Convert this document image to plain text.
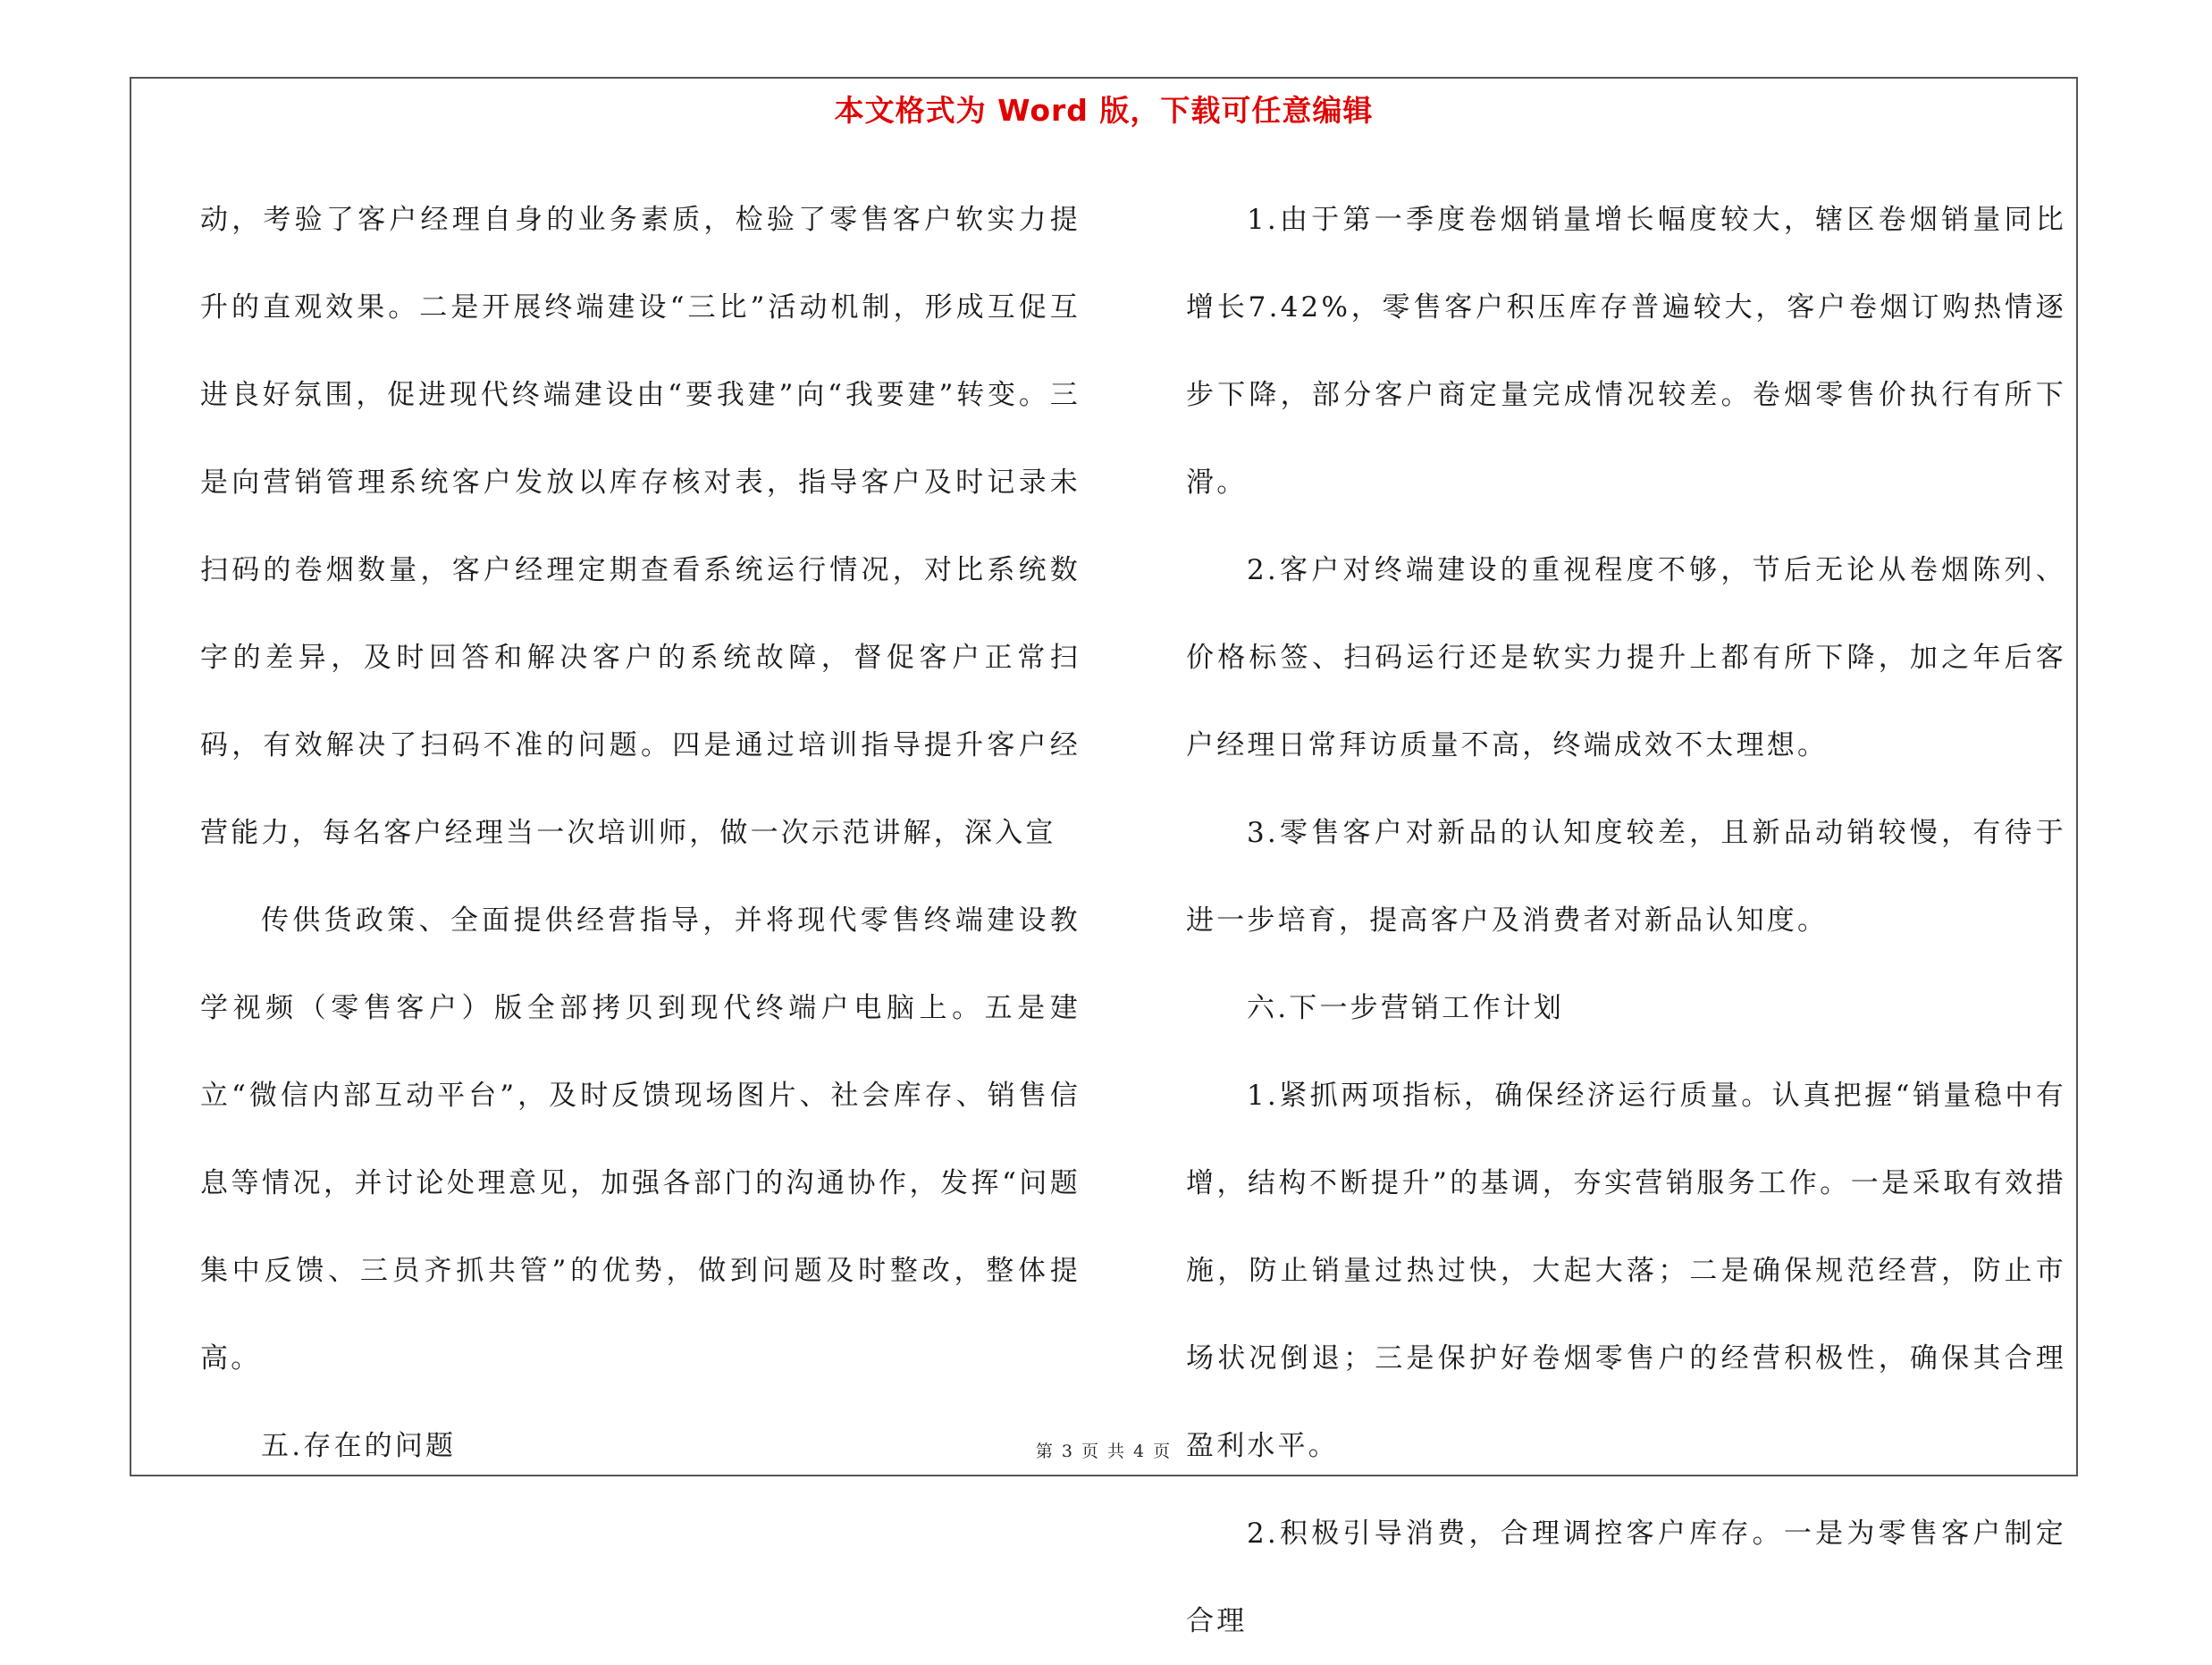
本文格式为 Word 版，下载可任意编辑

动，考验了客户经理自身的业务素质，检验了零售客户软实力提升的直观效果。二是开展终端建设“三比”活动机制，形成互促互进良好氛围，促进现代终端建设由“要我建”向“我要建”转变。三是向营销管理系统客户发放以库存核对表，指导客户及时记录未扫码的卷烟数量，客户经理定期查看系统运行情况，对比系统数字的差异，及时回答和解决客户的系统故障，督促客户正常扫码，有效解决了扫码不准的问题。四是通过培训指导提升客户经营能力，每名客户经理当一次培训师，做一次示范讲解，深入宣

传供货政策、全面提供经营指导，并将现代零售终端建设教学视频（零售客户）版全部拷贝到现代终端户电脑上。五是建立“微信内部互动平台”，及时反馈现场图片、社会库存、销售信息等情况，并讨论处理意见，加强各部门的沟通协作，发挥“问题集中反馈、三员齐抓共管”的优势，做到问题及时整改，整体提高。

五.存在的问题

1.由于第一季度卷烟销量增长幅度较大，辖区卷烟销量同比增长7.42%，零售客户积压库存普遍较大，客户卷烟订购热情逐步下降，部分客户商定量完成情况较差。卷烟零售价执行有所下滑。

2.客户对终端建设的重视程度不够，节后无论从卷烟陈列、价格标签、扫码运行还是软实力提升上都有所下降，加之年后客户经理日常拜访质量不高，终端成效不太理想。

3.零售客户对新品的认知度较差，且新品动销较慢，有待于进一步培育，提高客户及消费者对新品认知度。

六.下一步营销工作计划

1.紧抓两项指标，确保经济运行质量。认真把握“销量稳中有增，结构不断提升”的基调，夯实营销服务工作。一是采取有效措施，防止销量过热过快，大起大落；二是确保规范经营，防止市场状况倒退；三是保护好卷烟零售户的经营积极性，确保其合理盈利水平。

2.积极引导消费，合理调控客户库存。一是为零售客户制定合理

第 3 页 共 4 页
